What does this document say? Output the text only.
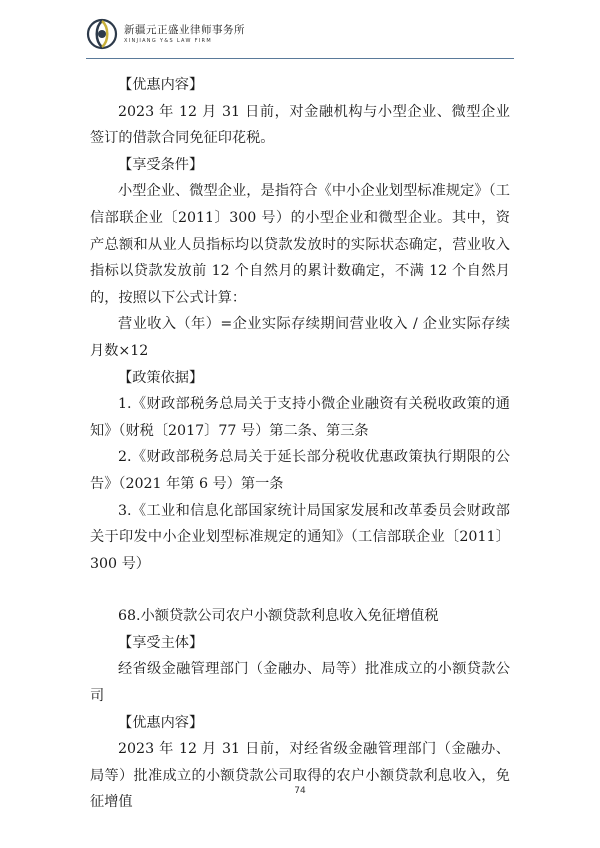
新疆元正盛业律师事务所
XINJIANG Y&S LAW FIRM

【优惠内容】

2023 年 12 月 31 日前，对金融机构与小型企业、微型企业签订的借款合同免征印花税。

【享受条件】

小型企业、微型企业，是指符合《中小企业划型标准规定》（工信部联企业〔2011〕300 号）的小型企业和微型企业。其中，资产总额和从业人员指标均以贷款发放时的实际状态确定，营业收入指标以贷款发放前 12 个自然月的累计数确定，不满 12 个自然月的，按照以下公式计算：

营业收入（年）=企业实际存续期间营业收入 / 企业实际存续月数×12

【政策依据】

1.《财政部税务总局关于支持小微企业融资有关税收政策的通知》（财税〔2017〕77 号）第二条、第三条

2.《财政部税务总局关于延长部分税收优惠政策执行期限的公告》（2021 年第 6 号）第一条

3.《工业和信息化部国家统计局国家发展和改革委员会财政部关于印发中小企业划型标准规定的通知》（工信部联企业〔2011〕300 号）

68.小额贷款公司农户小额贷款利息收入免征增值税

【享受主体】

经省级金融管理部门（金融办、局等）批准成立的小额贷款公司

【优惠内容】

2023 年 12 月 31 日前，对经省级金融管理部门（金融办、局等）批准成立的小额贷款公司取得的农户小额贷款利息收入，免征增值

74
